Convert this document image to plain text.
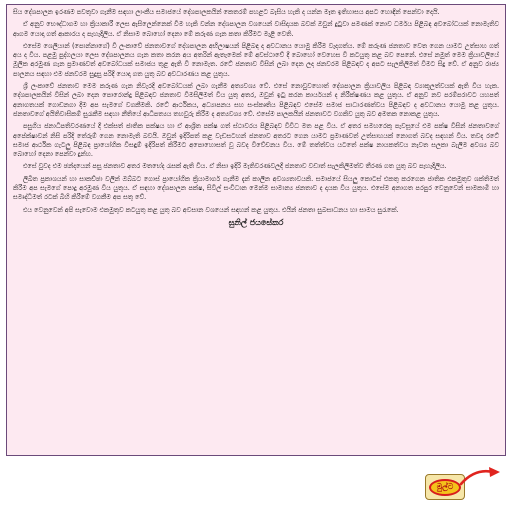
සිය දේශපාලන ඉරණම පවතුවා ගැනීම සඳහා ලාංකීය සමාජයේ දේශපාලකයින් කෙතරම් පහළට බැසිය හැකි ද යන්න මෑත ඉතිහාසය අපට හොඳින් පෙන්වා දෙයි.

ඒ අනුව භෞද්ධාගම හා ක්‍රියාකාරී ලෙස ඇසිලෙන්නෙක් වීම හැකි වන්න දේශපාලන වශයෙන් වාසිදායක බවක් ඔවුන් දුටුවා පමණක් නොව ධර්මය පිළිබඳ අවබෝධයක් නොමැතිව ආගම යොදා ගත් ආකාරය ද පැහැදිලිය. ඒ නිසාම බොහෝ දෙනා මේ කරුණ ගැන කතා කිරීමට මැළි වෙති.

එසේම ශෙලියාන් (පොන්නාගේ) වී ලංකාවේ ජනතාවගේ දේශපාලන අභිලාෂයන් පිළිබඳ ද අවධානය යොමු කිරීම වැදගත්ය. මේ කරුණ ජනතාව වෙත ගෙන යාමට උත්සාහ ගත් අය ද විය. පළමු පුද්ගලයා ලෙස දේශපාලනය ගැන කතා කරන අය අතරින් ඇතැමෙක් මේ අවස්ථාවේ දී බොහෝ වෙහෙස වී කටයුතු කළ බව පෙනේ. එසේ නමුත් මෙම ක්‍රියාවලියේ මූලික අරමුණ ගැන ප්‍රමාණවත් අවබෝධයක් සමාජය තුළ ඇති වී නොමැත. රටේ ජනතාව විසින් ලබා දෙන ලද ජනවරම පිළිබඳව ද අපට සැලකිලිමත් වීමට සිදු වේ. ඒ අනුව රාජ්‍ය පාලනය සඳහා එම ජනවරම සුදුසු පරිදි යොදා ගත යුතු බව අවධාරණය කළ යුතුය.

ශ්‍රී ලංකාවේ ජනතාව මෙම කරුණ ගැන නිවැරදි අවබෝධයක් ලබා ගැනීම අත්‍යවශ්‍ය වේ. එසේ නොවුවහොත් දේශපාලන ක්‍රියාවලිය පිළිබඳ ව්‍යාකූලත්වයක් ඇති විය හැක. දේශපාලකයින් විසින් ලබා දෙන පොරොන්දු පිළිබඳව ජනතාව විමසිලිමත් විය යුතු අතර, ඔවුන් ඉටු කරන කාර්යයන් ද නිරීක්ෂණය කළ යුතුය. ඒ අනුව නව පරම්පරාවට යහපත් අනාගතයක් ගොඩනගා දීම අප සැමගේ වගකීමකි. රටේ ආර්ථිකය, අධ්‍යාපනය සහ සංස්කෘතිය පිළිබඳව එසේම සමාජ සාධාරණත්වය පිළිබඳව ද අවධානය යොමු කළ යුතුය. ජනතාවගේ අයිතිවාසිකම් සුරැකීම සඳහා නීතියේ ආධිපත්‍යය තහවුරු කිරීම ද අත්‍යවශ්‍ය වේ. එසේම පාලකයින් ජනතාවට වගකිව යුතු බව අමතක නොකළ යුතුය.

පසුගිය ජනාධිපතිවරණයේ දී එක්සත් ජාතික පක්ෂය හා ඒ ආශ්‍රිත පක්ෂ ගත් ස්ථාවරය පිළිබඳව විවිධ මත පළ විය. ඒ අතර සමහරෙකු පැවසූයේ එම පක්ෂ විසින් ජනතාවගේ අපේක්ෂාවන් නිසි පරිදි තේරුම් ගෙන නොමැති බවයි. ඔවුන් ඉදිරිපත් කළ වැඩසටහන් ජනතාව අතරට ගෙන යාමට ප්‍රමාණවත් උත්සාහයක් නොගත් බවද සඳහන් විය. තවද රටේ සමාජ ආර්ථික ගැටලු පිළිබඳ ප්‍රායෝගික විසඳුම් ඉදිරිපත් කිරීමට අපොහොසත් වූ බවද විවේචනය විය. මේ තත්ත්වය යටතේ පක්ෂ නායකත්වය නැවත සලකා බැලීම අවශ්‍ය බව බොහෝ දෙනා පෙන්වා දුන්හ.

එසේ වුවද එම ඡන්දයෙන් පසු ජනතාව අතර මතභේද රැසක් ඇති විය. ඒ නිසා ඉදිරි මැතිවරණවලදී ජනතාව වඩාත් සැලකිලිමත්ව තීරණ ගත යුතු බව පැහැදිලිය.

ලිඛිත ප්‍රකාශයන් හා සාකච්ඡා වලින් ඔබ්බට ගොස් ප්‍රායෝගික ක්‍රියාමාර්ග ගැනීම දැන් කාලීන අවශ්‍යතාවයකි. සමාජයේ සියලු කොටස් එකතු කරගෙන ජාතික එකමුතුව ශක්තිමත් කිරීම අප සැමගේ පොදු අරමුණ විය යුතුය. ඒ සඳහා දේශපාලන පක්ෂ, සිවිල් සංවිධාන මෙන්ම සාමාන්‍ය ජනතාව ද දායක විය යුතුය. එසේම අනාගත පරපුර වෙනුවෙන් සාමකාමී හා සමෘද්ධිමත් රටක් බිහි කිරීමේ වගකීම අප සතු වේ.

එය වෙනුවෙන් අපි සැවොම එකමුතුව කටයුතු කළ යුතු බව අවසාන වශයෙන් සඳහන් කළ යුතුය. එයින් ජනතා සුබසාධනය හා සාමය සුරැකේ.

සුනිල් ජයසේකර
මුල්ට
